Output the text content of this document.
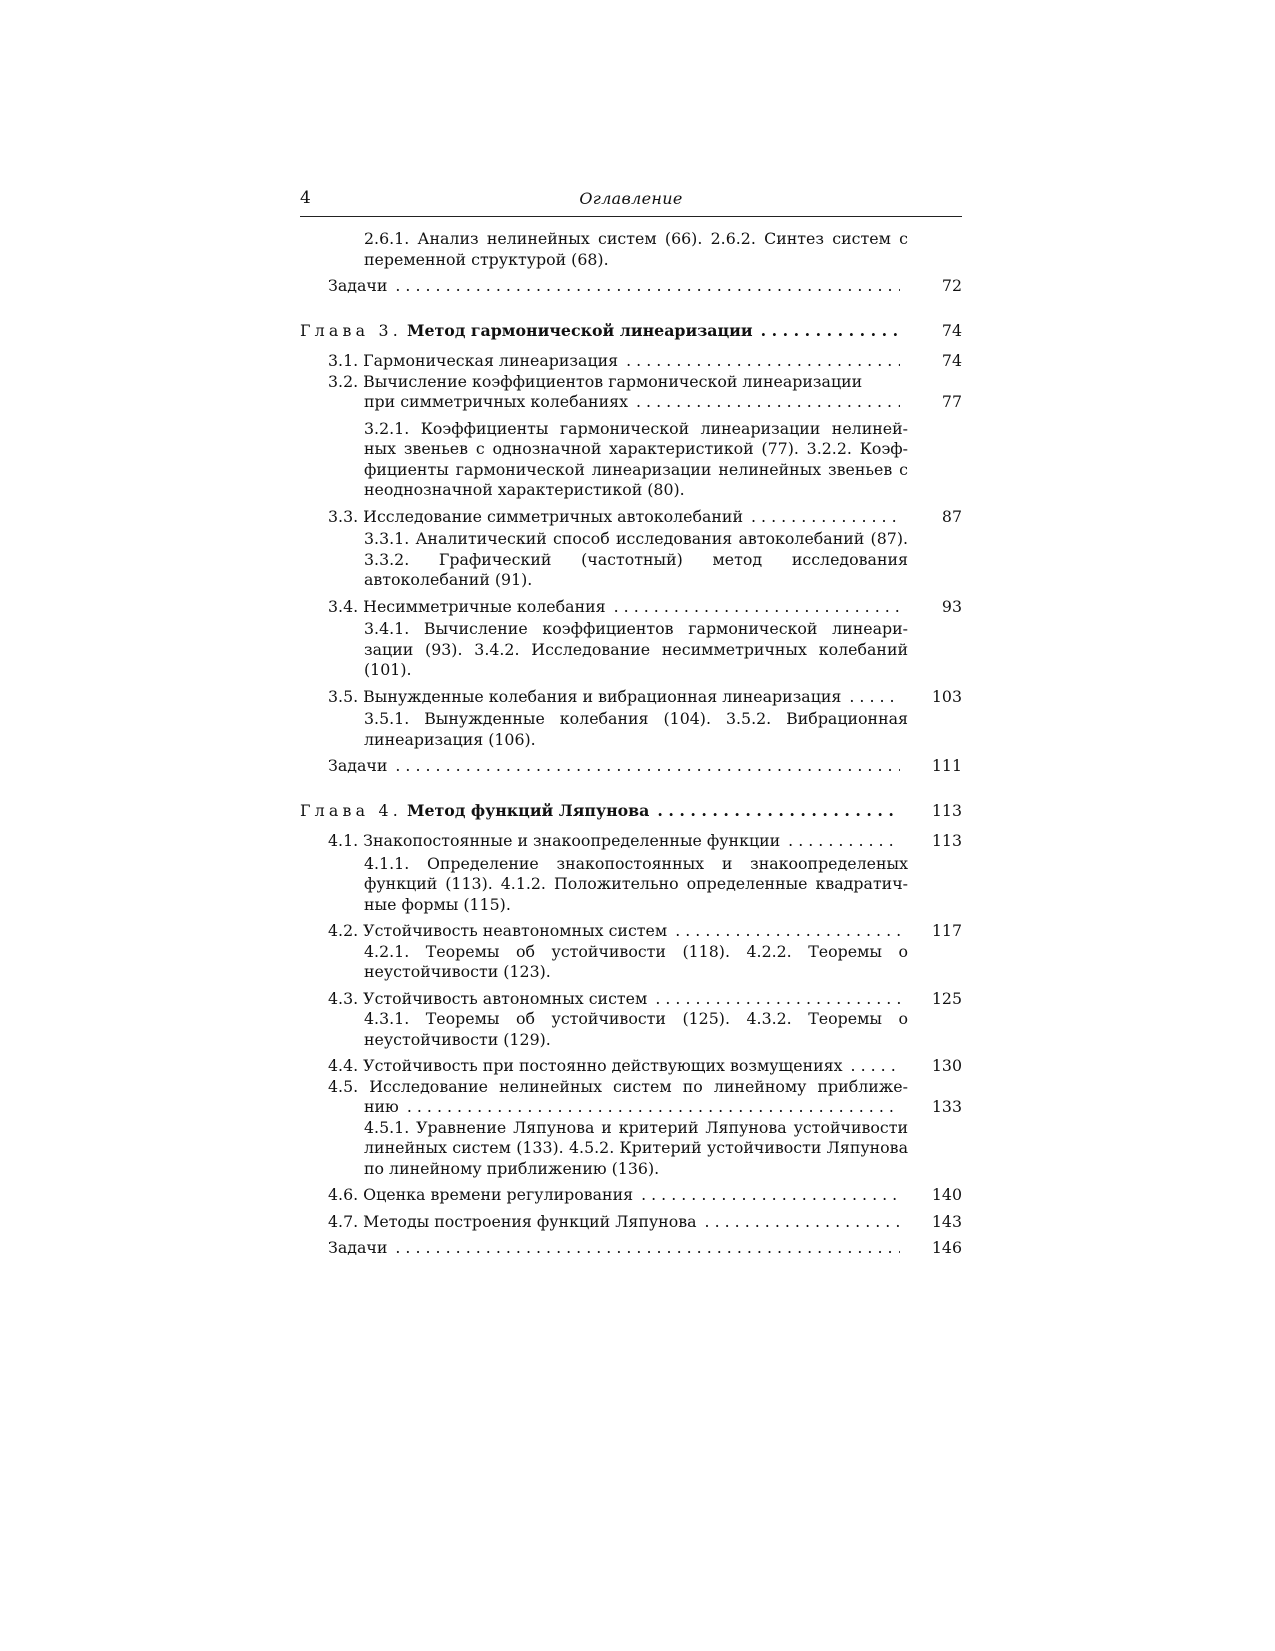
4	Оглавление
2.6.1. Анализ нелинейных систем (66). 2.6.2. Синтез систем с переменной структурой (68).
Задачи . . .	72
Глава 3. Метод гармонической линеаризации . . .	74
3.1. Гармоническая линеаризация . . .	74
3.2. Вычисление коэффициентов гармонической линеаризации
при симметричных колебаниях . . .	77
3.2.1. Коэффициенты гармонической линеаризации нелинейных звеньев с однозначной характеристикой (77). 3.2.2. Коэффициенты гармонической линеаризации нелинейных звеньев с неоднозначной характеристикой (80).
3.3. Исследование симметричных автоколебаний . . .	87
3.3.1. Аналитический способ исследования автоколебаний (87). 3.3.2. Графический (частотный) метод исследования автоколебаний (91).
3.4. Несимметричные колебания . . .	93
3.4.1. Вычисление коэффициентов гармонической линеаризации (93). 3.4.2. Исследование несимметричных колебаний (101).
3.5. Вынужденные колебания и вибрационная линеаризация . . .	103
3.5.1. Вынужденные колебания (104). 3.5.2. Вибрационная линеаризация (106).
Задачи . . .	111
Глава 4. Метод функций Ляпунова . . .	113
4.1. Знакопостоянные и знакоопределенные функции . . .	113
4.1.1. Определение знакопостоянных и знакоопределеных функций (113). 4.1.2. Положительно определенные квадратичные формы (115).
4.2. Устойчивость неавтономных систем . . .	117
4.2.1. Теоремы об устойчивости (118). 4.2.2. Теоремы о неустойчивости (123).
4.3. Устойчивость автономных систем . . .	125
4.3.1. Теоремы об устойчивости (125). 4.3.2. Теоремы о неустойчивости (129).
4.4. Устойчивость при постоянно действующих возмущениях . . .	130
4.5. Исследование нелинейных систем по линейному приближе-
нию . . .	133
4.5.1. Уравнение Ляпунова и критерий Ляпунова устойчивости линейных систем (133). 4.5.2. Критерий устойчивости Ляпунова по линейному приближению (136).
4.6. Оценка времени регулирования . . .	140
4.7. Методы построения функций Ляпунова . . .	143
Задачи . . .	146
